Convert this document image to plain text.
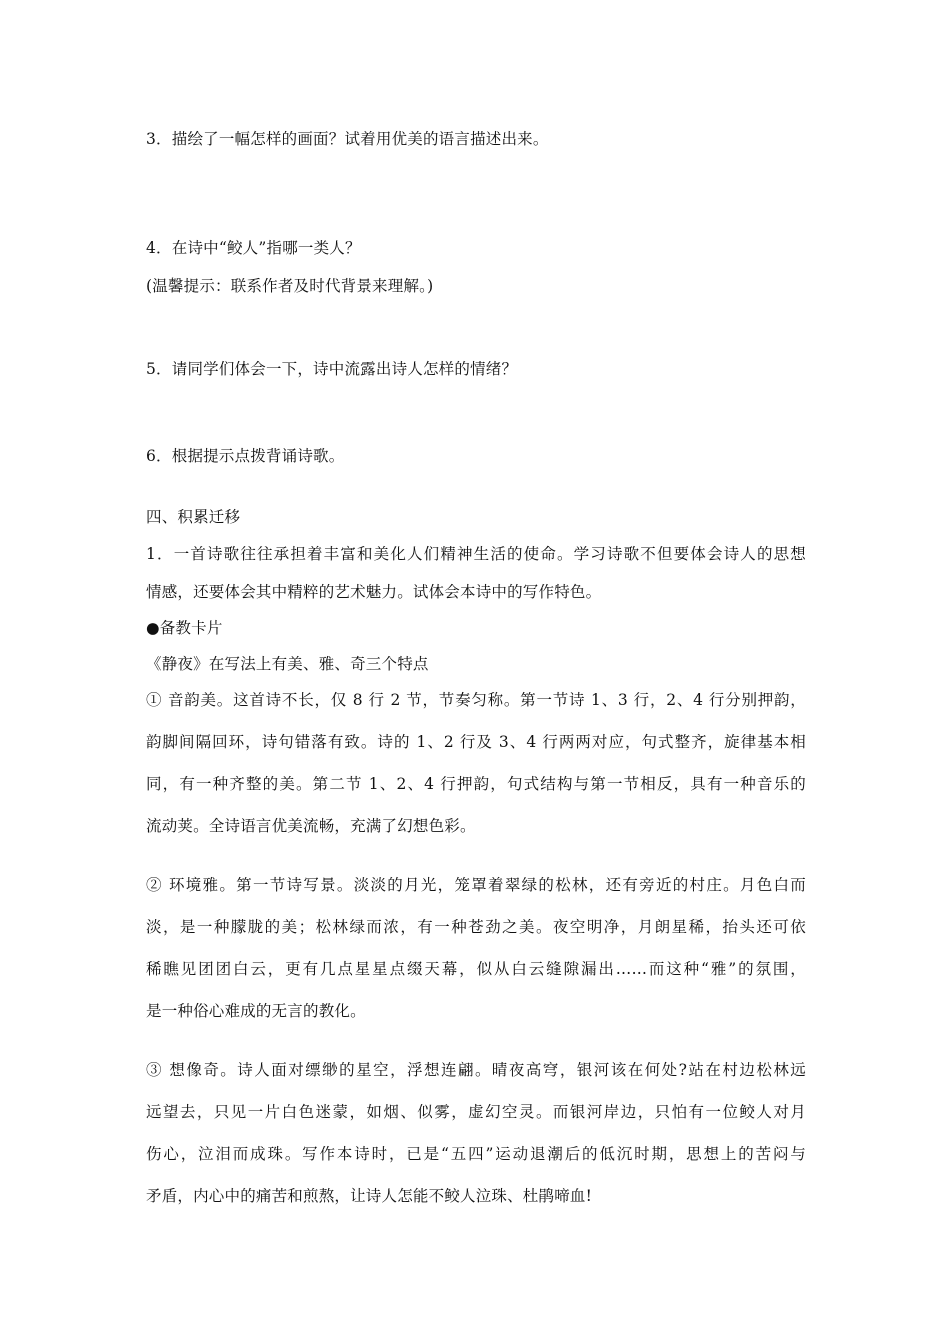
3．描绘了一幅怎样的画面？试着用优美的语言描述出来。
4．在诗中“鲛人”指哪一类人？
(温馨提示：联系作者及时代背景来理解。)
5．请同学们体会一下，诗中流露出诗人怎样的情绪？
6．根据提示点拨背诵诗歌。
四、积累迁移
1．一首诗歌往往承担着丰富和美化人们精神生活的使命。学习诗歌不但要体会诗人的思想
情感，还要体会其中精粹的艺术魅力。试体会本诗中的写作特色。
●备教卡片
《静夜》在写法上有美、雅、奇三个特点
① 音韵美。这首诗不长，仅 8 行 2 节，节奏匀称。第一节诗 1、3 行，2、4 行分别押韵，
韵脚间隔回环，诗句错落有致。诗的 1、2 行及 3、4 行两两对应，句式整齐，旋律基本相
同，有一种齐整的美。第二节 1、2、4 行押韵，句式结构与第一节相反，具有一种音乐的
流动荚。全诗语言优美流畅，充满了幻想色彩。
② 环境雅。第一节诗写景。淡淡的月光，笼罩着翠绿的松林，还有旁近的村庄。月色白而
淡，是一种朦胧的美；松林绿而浓，有一种苍劲之美。夜空明净，月朗星稀，抬头还可依
稀瞧见团团白云，更有几点星星点缀天幕，似从白云缝隙漏出……而这种“雅”的氛围，
是一种俗心难成的无言的教化。
③ 想像奇。诗人面对缥缈的星空，浮想连翩。晴夜高穹，银河该在何处?站在村边松林远
远望去，只见一片白色迷蒙，如烟、似雾，虚幻空灵。而银河岸边，只怕有一位鲛人对月
伤心，泣泪而成珠。写作本诗时，已是“五四”运动退潮后的低沉时期，思想上的苦闷与
矛盾，内心中的痛苦和煎熬，让诗人怎能不鲛人泣珠、杜鹃啼血!
